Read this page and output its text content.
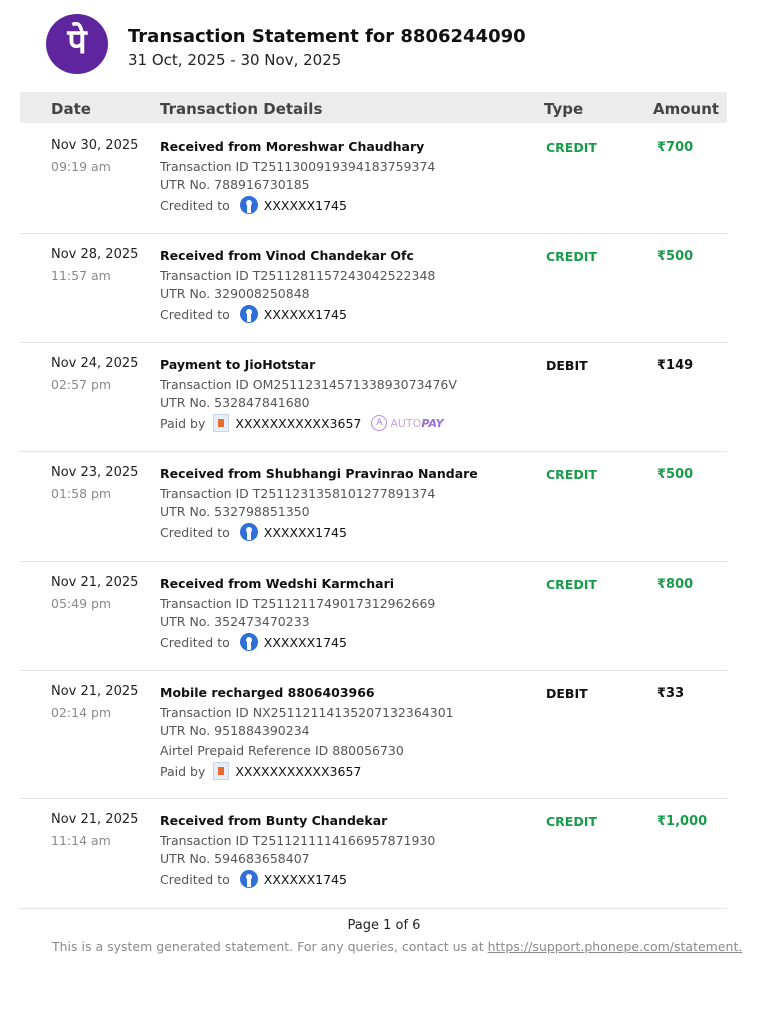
पे Transaction Statement for 8806244090
31 Oct, 2025 - 30 Nov, 2025
Date	Transaction Details	Type	Amount
Nov 30, 2025
09:19 am
Received from Moreshwar Chaudhary
Transaction ID T2511300919394183759374
UTR No. 788916730185
Credited to	XXXXXX1745
CREDIT	₹700
Nov 28, 2025
11:57 am
Received from Vinod Chandekar Ofc
Transaction ID T2511281157243042522348
UTR No. 329008250848
Credited to	XXXXXX1745
CREDIT	₹500
Nov 24, 2025
02:57 pm
Payment to JioHotstar
Transaction ID OM2511231457133893073476V
UTR No. 532847841680
Paid by XXXXXXXXXXX3657	A AUTO PAY
DEBIT	₹149
Nov 23, 2025
01:58 pm
Received from Shubhangi Pravinrao Nandare
Transaction ID T2511231358101277891374
UTR No. 532798851350
Credited to	XXXXXX1745
CREDIT	₹500
Nov 21, 2025
05:49 pm
Received from Wedshi Karmchari
Transaction ID T2511211749017312962669
UTR No. 352473470233
Credited to	XXXXXX1745
CREDIT	₹800
Nov 21, 2025
02:14 pm
Mobile recharged 8806403966
Transaction ID NX25112114135207132364301
UTR No. 951884390234
Airtel Prepaid Reference ID 880056730
Paid by XXXXXXXXXXX3657
DEBIT	₹33
Nov 21, 2025
11:14 am
Received from Bunty Chandekar
Transaction ID T2511211114166957871930
UTR No. 594683658407
Credited to	XXXXXX1745
CREDIT	₹1,000
Page 1 of 6
This is a system generated statement. For any queries, contact us at https://support.phonepe.com/statement.
